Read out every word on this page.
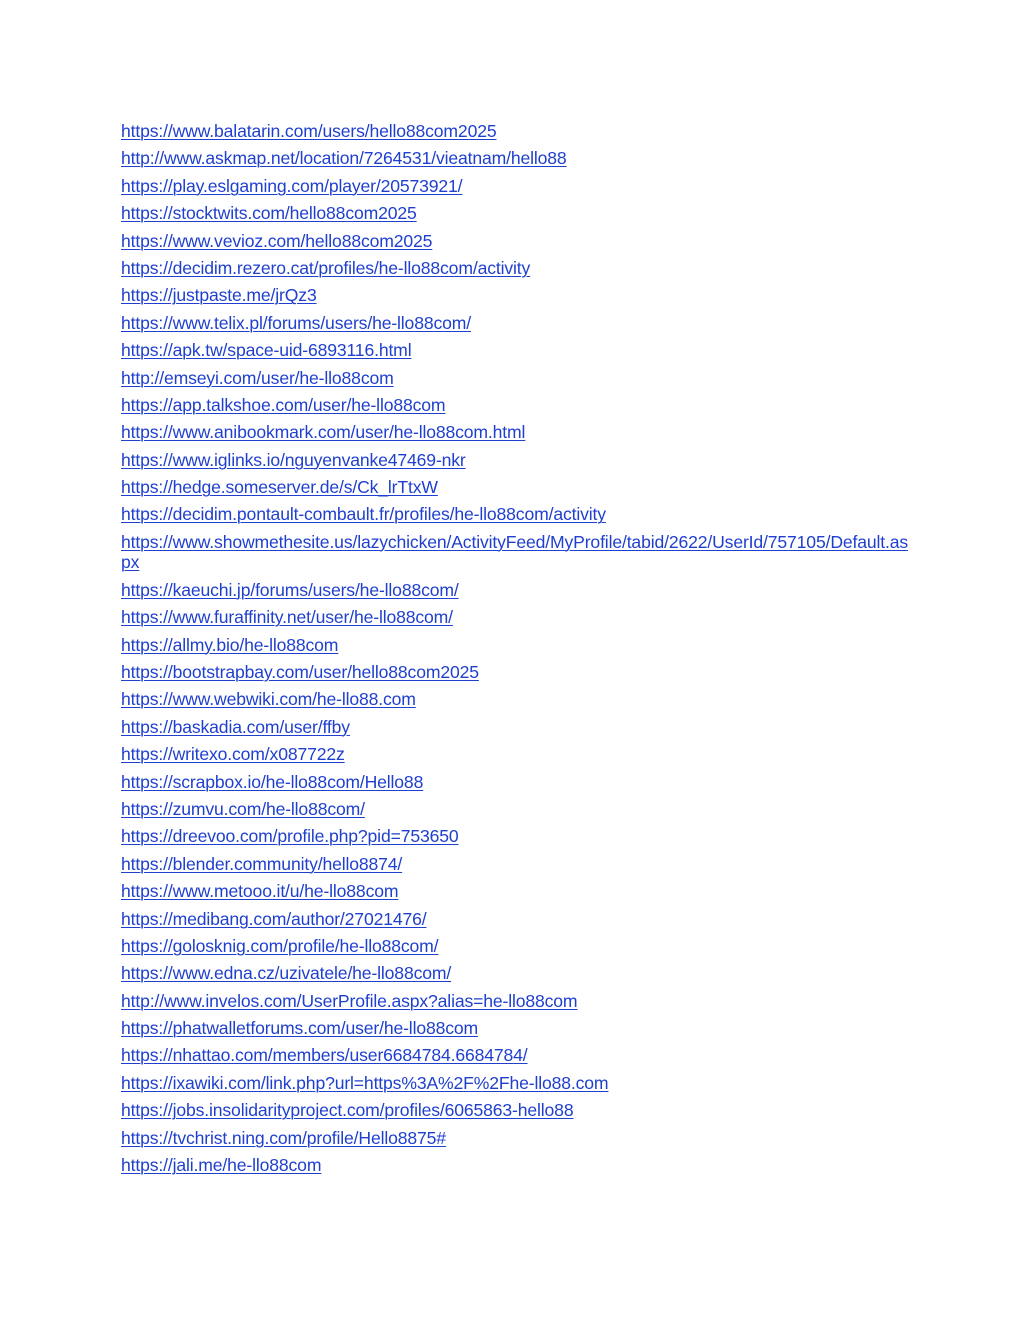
https://www.balatarin.com/users/hello88com2025
http://www.askmap.net/location/7264531/vieatnam/hello88
https://play.eslgaming.com/player/20573921/
https://stocktwits.com/hello88com2025
https://www.vevioz.com/hello88com2025
https://decidim.rezero.cat/profiles/he-llo88com/activity
https://justpaste.me/jrQz3
https://www.telix.pl/forums/users/he-llo88com/
https://apk.tw/space-uid-6893116.html
http://emseyi.com/user/he-llo88com
https://app.talkshoe.com/user/he-llo88com
https://www.anibookmark.com/user/he-llo88com.html
https://www.iglinks.io/nguyenvanke47469-nkr
https://hedge.someserver.de/s/Ck_lrTtxW
https://decidim.pontault-combault.fr/profiles/he-llo88com/activity
https://www.showmethesite.us/lazychicken/ActivityFeed/MyProfile/tabid/2622/UserId/757105/Default.aspx
https://kaeuchi.jp/forums/users/he-llo88com/
https://www.furaffinity.net/user/he-llo88com/
https://allmy.bio/he-llo88com
https://bootstrapbay.com/user/hello88com2025
https://www.webwiki.com/he-llo88.com
https://baskadia.com/user/ffby
https://writexo.com/x087722z
https://scrapbox.io/he-llo88com/Hello88
https://zumvu.com/he-llo88com/
https://dreevoo.com/profile.php?pid=753650
https://blender.community/hello8874/
https://www.metooo.it/u/he-llo88com
https://medibang.com/author/27021476/
https://golosknig.com/profile/he-llo88com/
https://www.edna.cz/uzivatele/he-llo88com/
http://www.invelos.com/UserProfile.aspx?alias=he-llo88com
https://phatwalletforums.com/user/he-llo88com
https://nhattao.com/members/user6684784.6684784/
https://ixawiki.com/link.php?url=https%3A%2F%2Fhe-llo88.com
https://jobs.insolidarityproject.com/profiles/6065863-hello88
https://tvchrist.ning.com/profile/Hello8875#
https://jali.me/he-llo88com
